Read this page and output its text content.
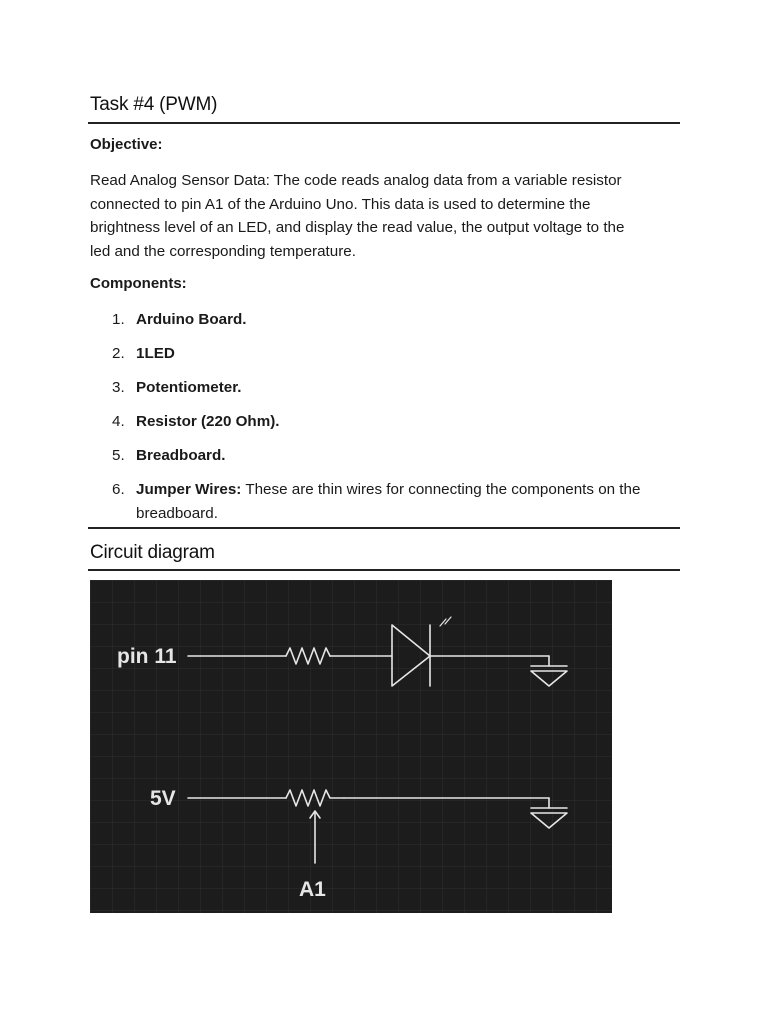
Task #4 (PWM)
Objective:
Read Analog Sensor Data: The code reads analog data from a variable resistor
connected to pin A1 of the Arduino Uno. This data is used to determine the
brightness level of an LED, and display the read value, the output voltage to the
led and the corresponding temperature.
Components:
1. Arduino Board.
2. 1LED
3. Potentiometer.
4. Resistor (220 Ohm).
5. Breadboard.
6. Jumper Wires: These are thin wires for connecting the components on the
breadboard.
Circuit diagram
pin 11
5V
A1
